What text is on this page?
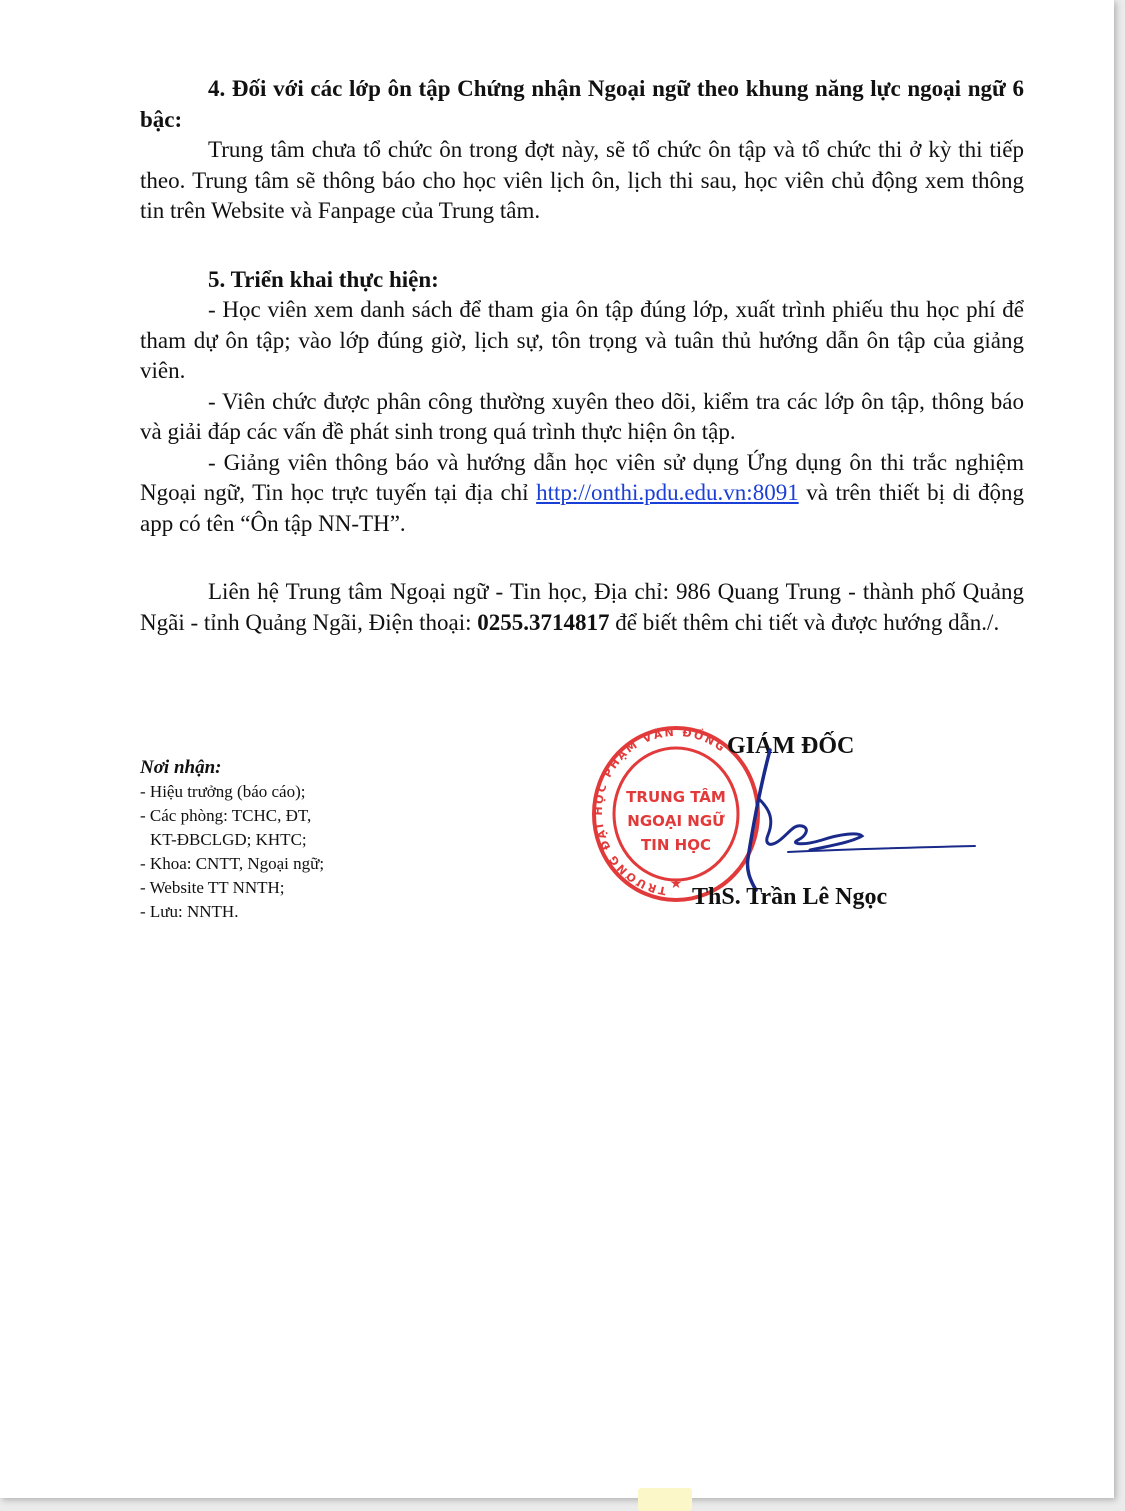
4. Đối với các lớp ôn tập Chứng nhận Ngoại ngữ theo khung năng lực ngoại ngữ 6 bậc:

Trung tâm chưa tổ chức ôn trong đợt này, sẽ tổ chức ôn tập và tổ chức thi ở kỳ thi tiếp theo. Trung tâm sẽ thông báo cho học viên lịch ôn, lịch thi sau, học viên chủ động xem thông tin trên Website và Fanpage của Trung tâm.

5. Triển khai thực hiện:

- Học viên xem danh sách để tham gia ôn tập đúng lớp, xuất trình phiếu thu học phí để tham dự ôn tập; vào lớp đúng giờ, lịch sự, tôn trọng và tuân thủ hướng dẫn ôn tập của giảng viên.

- Viên chức được phân công thường xuyên theo dõi, kiểm tra các lớp ôn tập, thông báo và giải đáp các vấn đề phát sinh trong quá trình thực hiện ôn tập.

- Giảng viên thông báo và hướng dẫn học viên sử dụng Ứng dụng ôn thi trắc nghiệm Ngoại ngữ, Tin học trực tuyến tại địa chỉ http://onthi.pdu.edu.vn:8091 và trên thiết bị di động app có tên “Ôn tập NN-TH”.

Liên hệ Trung tâm Ngoại ngữ - Tin học, Địa chỉ: 986 Quang Trung - thành phố Quảng Ngãi - tỉnh Quảng Ngãi, Điện thoại: 0255.3714817 để biết thêm chi tiết và được hướng dẫn./.

Nơi nhận:
- Hiệu trưởng (báo cáo);
- Các phòng: TCHC, ĐT,
KT-ĐBCLGD; KHTC;
- Khoa: CNTT, Ngoại ngữ;
- Website TT NNTH;
- Lưu: NNTH.
TRƯỜNG ĐẠI HỌC PHẠM VĂN ĐỒNG
TRUNG TÂM
NGOẠI NGỮ
TIN HỌC
★
GIÁM ĐỐC
ThS. Trần Lê Ngọc
